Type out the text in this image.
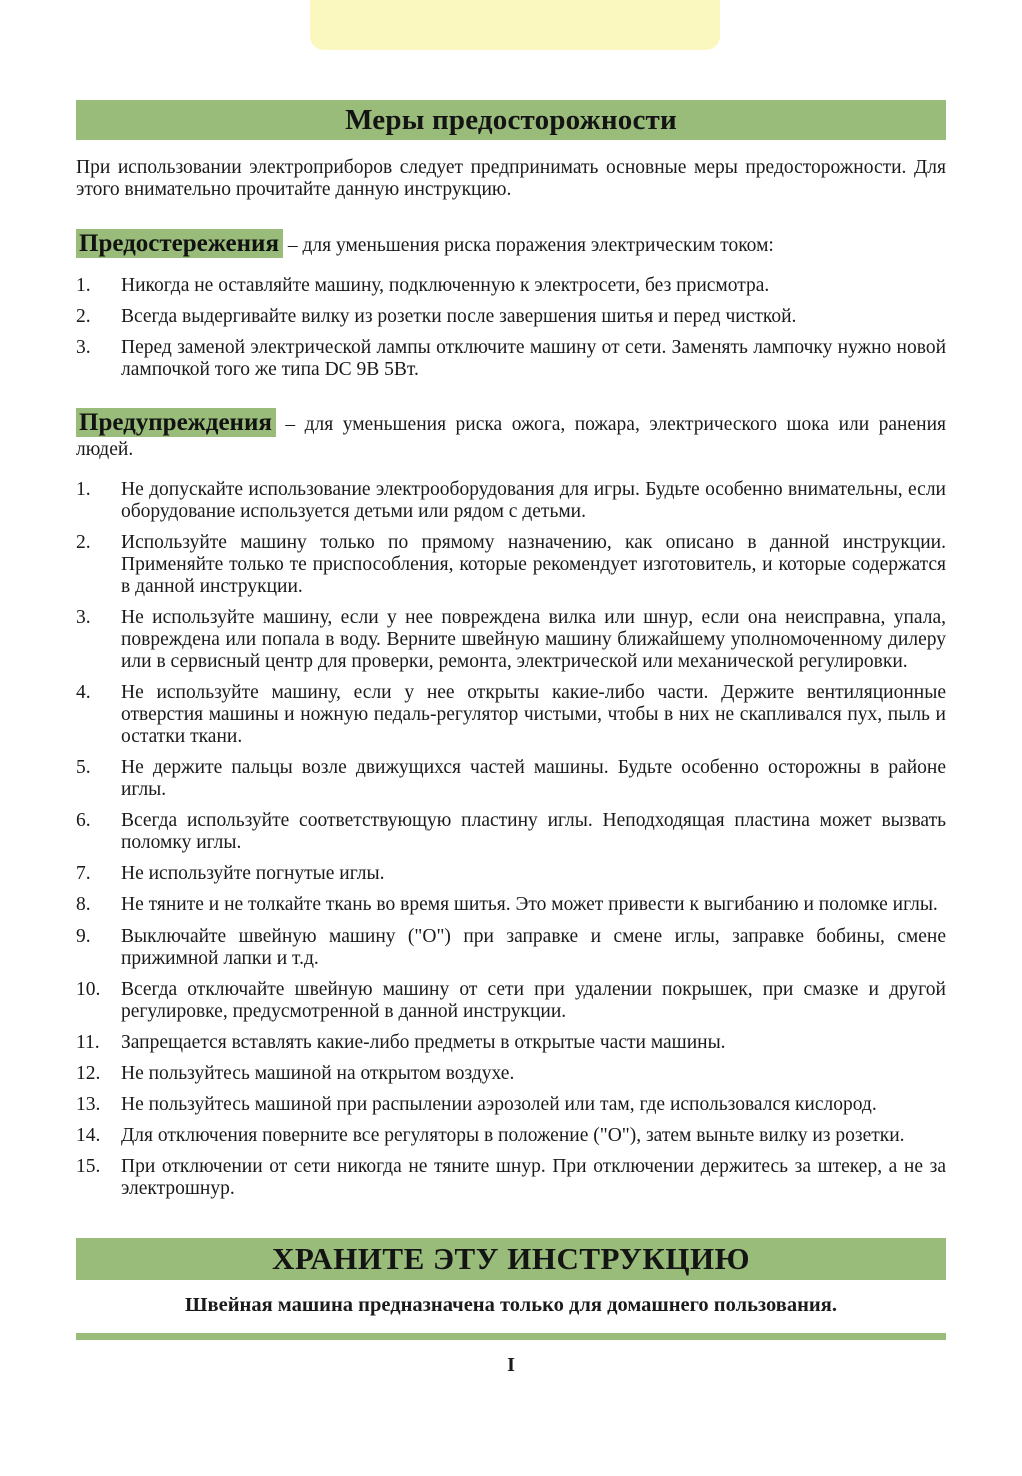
Меры предосторожности

При использовании электроприборов следует предпринимать основные меры предосторожности. Для этого внимательно прочитайте данную инструкцию.

Предостережения – для уменьшения риска поражения электрическим током:
1.	Никогда не оставляйте машину, подключенную к электросети, без присмотра.
2.	Всегда выдергивайте вилку из розетки после завершения шитья и перед чисткой.
3.	Перед заменой электрической лампы отключите машину от сети. Заменять лампочку нужно новой лампочкой того же типа DC 9B 5Вт.
Предупреждения – для уменьшения риска ожога, пожара, электрического шока или ранения людей.
1.	Не допускайте использование электрооборудования для игры. Будьте особенно внимательны, если оборудование используется детьми или рядом с детьми.
2.	Используйте машину только по прямому назначению, как описано в данной инструкции. Применяйте только те приспособления, которые рекомендует изготовитель, и которые содержатся в данной инструкции.
3.	Не используйте машину, если у нее повреждена вилка или шнур, если она неисправна, упала, повреждена или попала в воду. Верните швейную машину ближайшему уполномоченному дилеру или в сервисный центр для проверки, ремонта, электрической или механической регулировки.
4.	Не используйте машину, если у нее открыты какие-либо части. Держите вентиляционные отверстия машины и ножную педаль-регулятор чистыми, чтобы в них не скапливался пух, пыль и остатки ткани.
5.	Не держите пальцы возле движущихся частей машины. Будьте особенно осторожны в районе иглы.
6.	Всегда используйте соответствующую пластину иглы. Неподходящая пластина может вызвать поломку иглы.
7.	Не используйте погнутые иглы.
8.	Не тяните и не толкайте ткань во время шитья. Это может привести к выгибанию и поломке иглы.
9.	Выключайте швейную машину ("О") при заправке и смене иглы, заправке бобины, смене прижимной лапки и т.д.
10.	Всегда отключайте швейную машину от сети при удалении покрышек, при смазке и другой регулировке, предусмотренной в данной инструкции.
11.	Запрещается вставлять какие-либо предметы в открытые части машины.
12.	Не пользуйтесь машиной на открытом воздухе.
13.	Не пользуйтесь машиной при распылении аэрозолей или там, где использовался кислород.
14.	Для отключения поверните все регуляторы в положение ("О"), затем выньте вилку из розетки.
15.	При отключении от сети никогда не тяните шнур. При отключении держитесь за штекер, а не за электрошнур.
ХРАНИТЕ ЭТУ ИНСТРУКЦИЮ
Швейная машина предназначена только для домашнего пользования.
I
